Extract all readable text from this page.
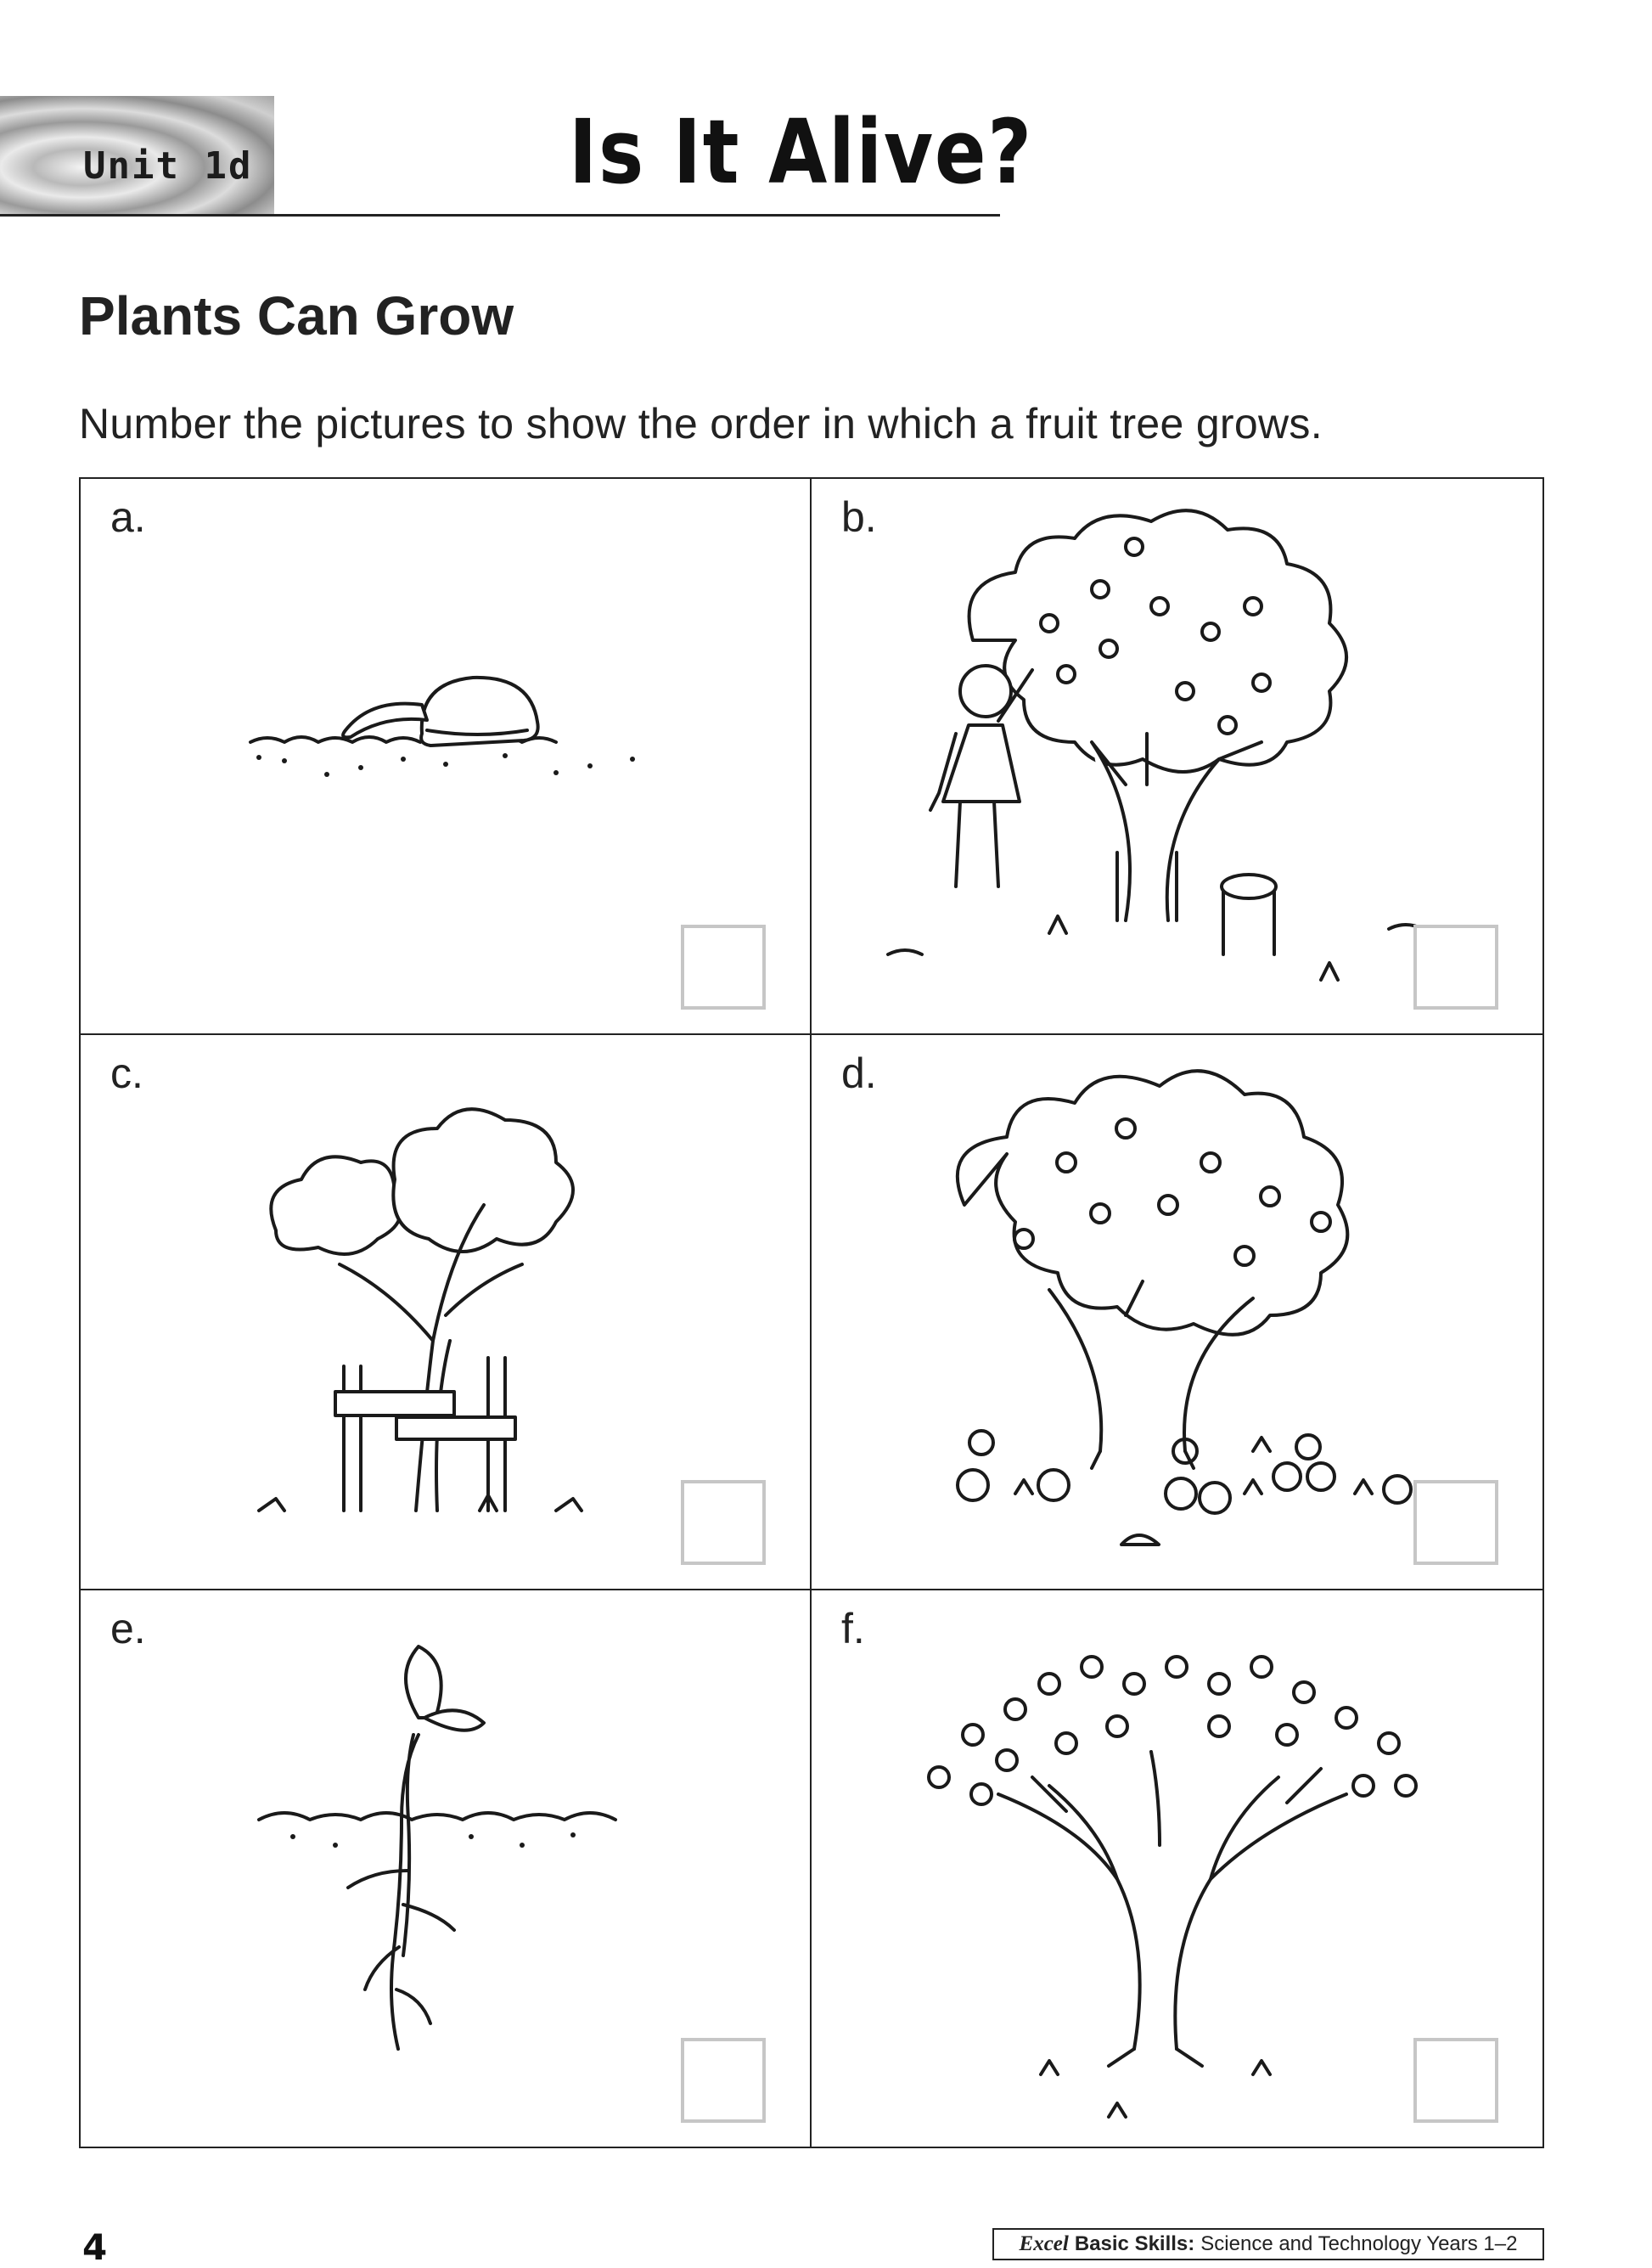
Unit 1d	Is It Alive?
Plants Can Grow
Number the pictures to show the order in which a fruit tree grows.
a.	b.
c.	d.
e.	f.
4	Excel Basic Skills: Science and Technology Years 1–2
